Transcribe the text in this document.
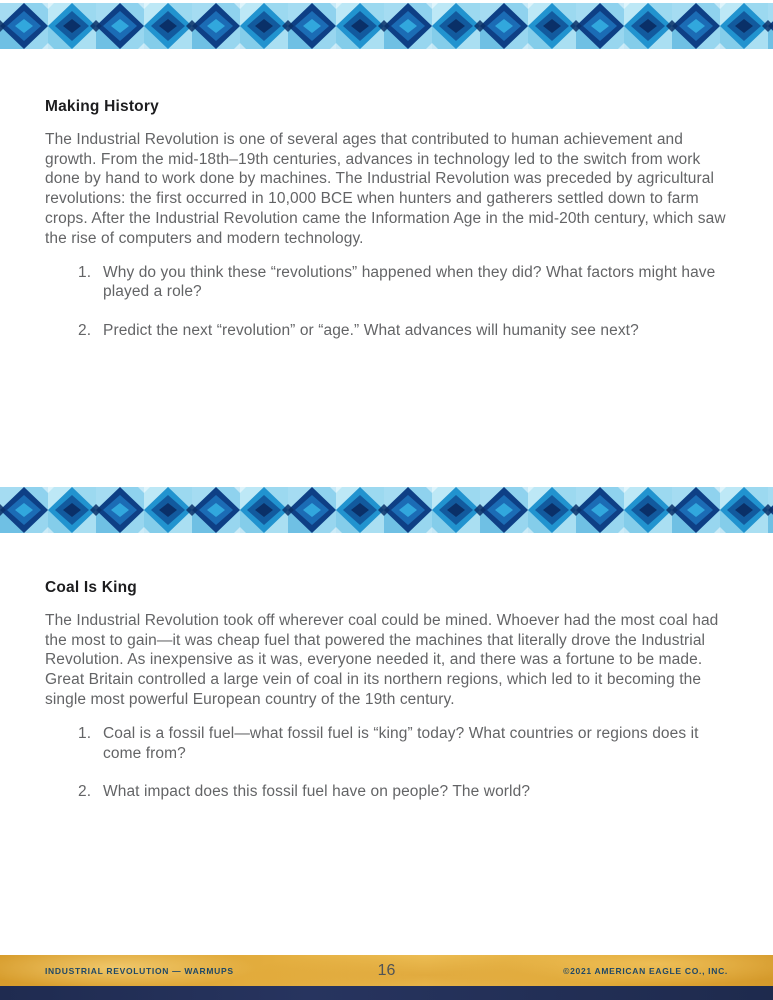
Making History

The Industrial Revolution is one of several ages that contributed to human achievement and growth. From the mid-18th–19th centuries, advances in technology led to the switch from work done by hand to work done by machines. The Industrial Revolution was preceded by agricultural revolutions: the first occurred in 10,000 BCE when hunters and gatherers settled down to farm crops. After the Industrial Revolution came the Information Age in the mid-20th century, which saw the rise of computers and modern technology.

Why do you think these “revolutions” happened when they did? What factors might have played a role?
Predict the next “revolution” or “age.” What advances will humanity see next?
Coal Is King

The Industrial Revolution took off wherever coal could be mined. Whoever had the most coal had the most to gain—it was cheap fuel that powered the machines that literally drove the Industrial Revolution. As inexpensive as it was, everyone needed it, and there was a fortune to be made. Great Britain controlled a large vein of coal in its northern regions, which led to it becoming the single most powerful European country of the 19th century.

Coal is a fossil fuel—what fossil fuel is “king” today? What countries or regions does it come from?
What impact does this fossil fuel have on people? The world?
INDUSTRIAL REVOLUTION — WARMUPS	16	©2021 AMERICAN EAGLE CO., INC.
